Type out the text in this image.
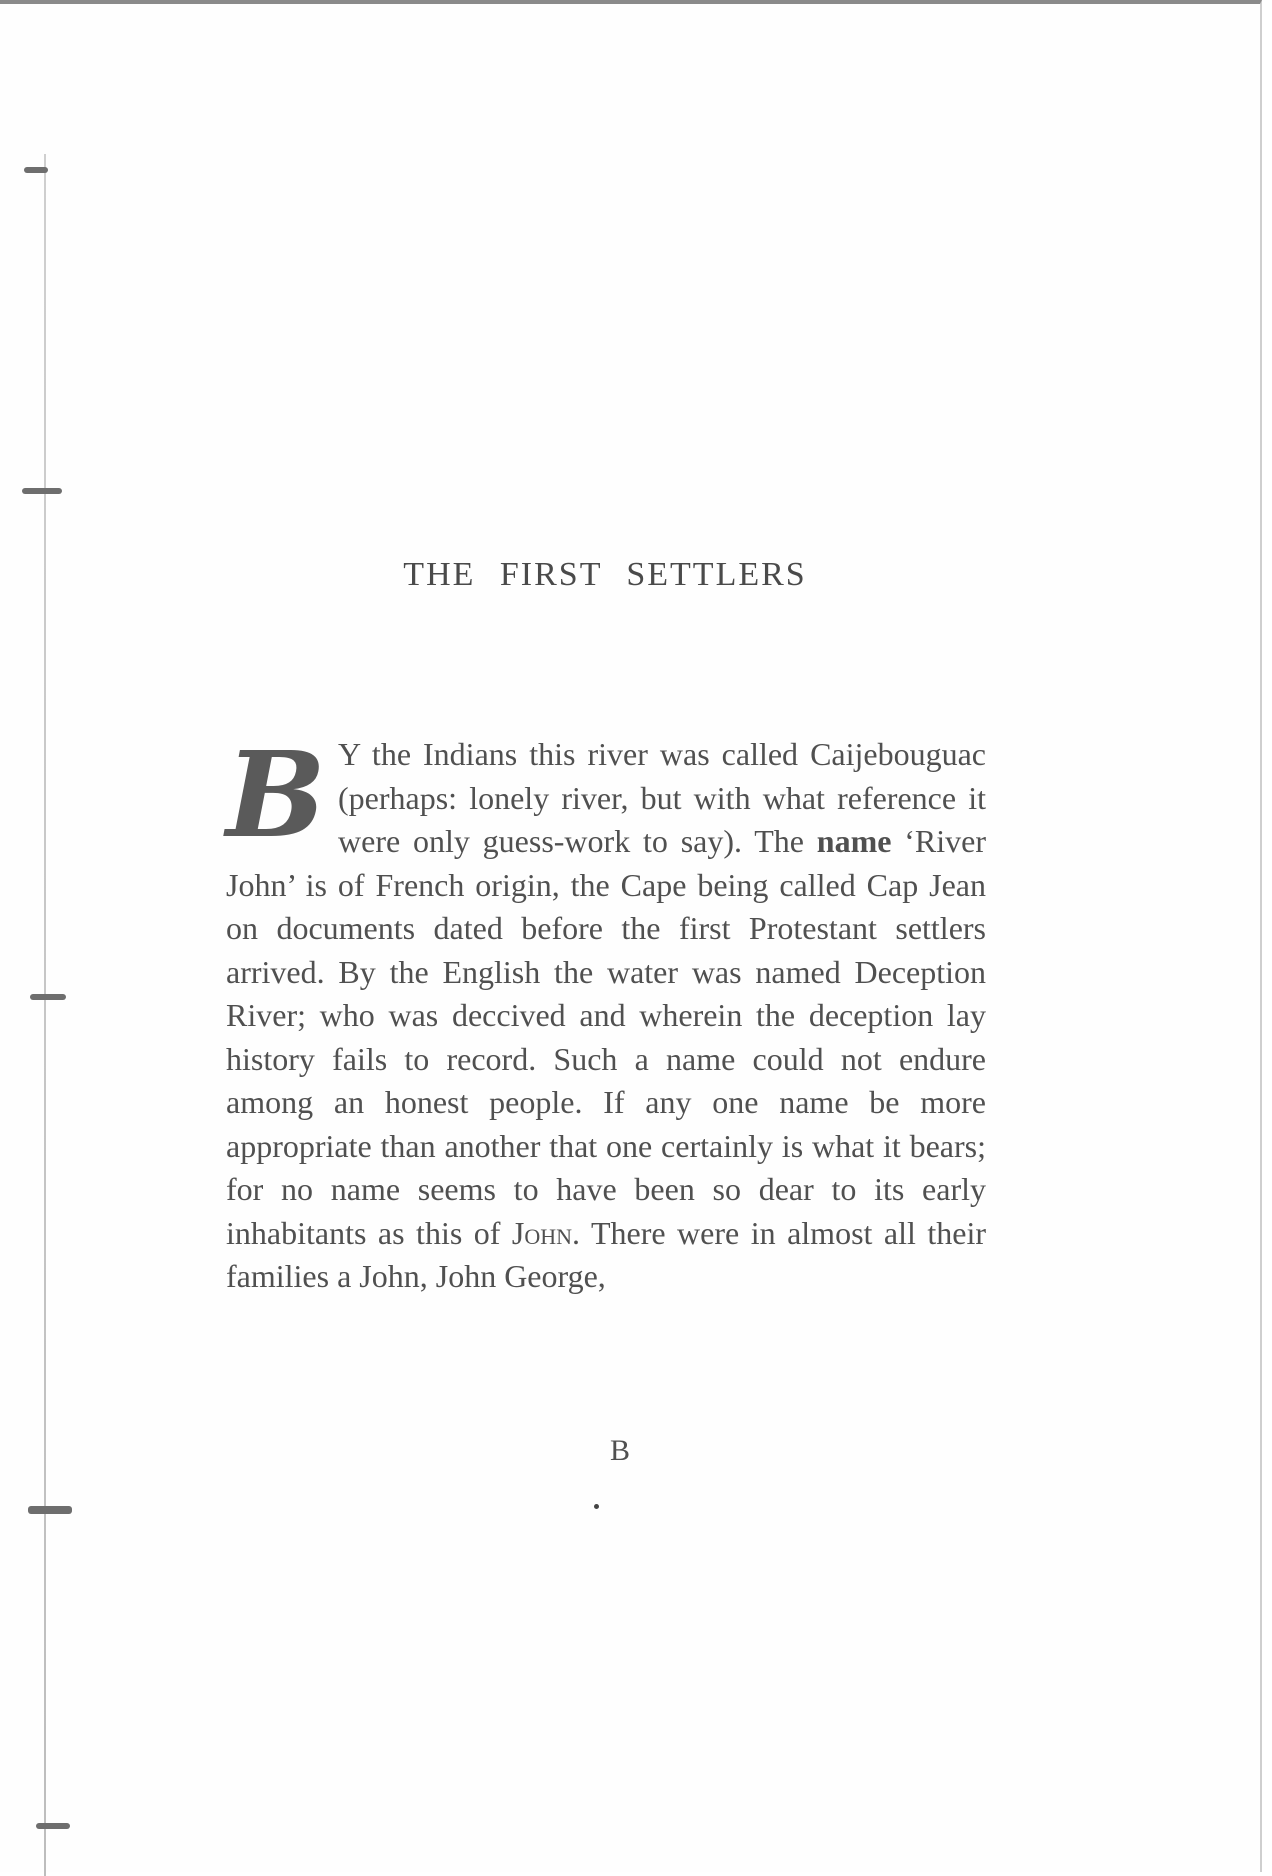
THE FIRST SETTLERS
B Y the Indians this river was called Caijebouguac (perhaps: lonely river, but with what reference it were only guess-work to say). The name ‘River John’ is of French origin, the Cape being called Cap Jean on documents dated before the first Protestant settlers arrived. By the English the water was named Deception River; who was deccived and wherein the deception lay history fails to record. Such a name could not endure among an honest people. If any one name be more appropriate than another that one certainly is what it bears; for no name seems to have been so dear to its early inhabitants as this of John. There were in almost all their families a John, John George,

B
